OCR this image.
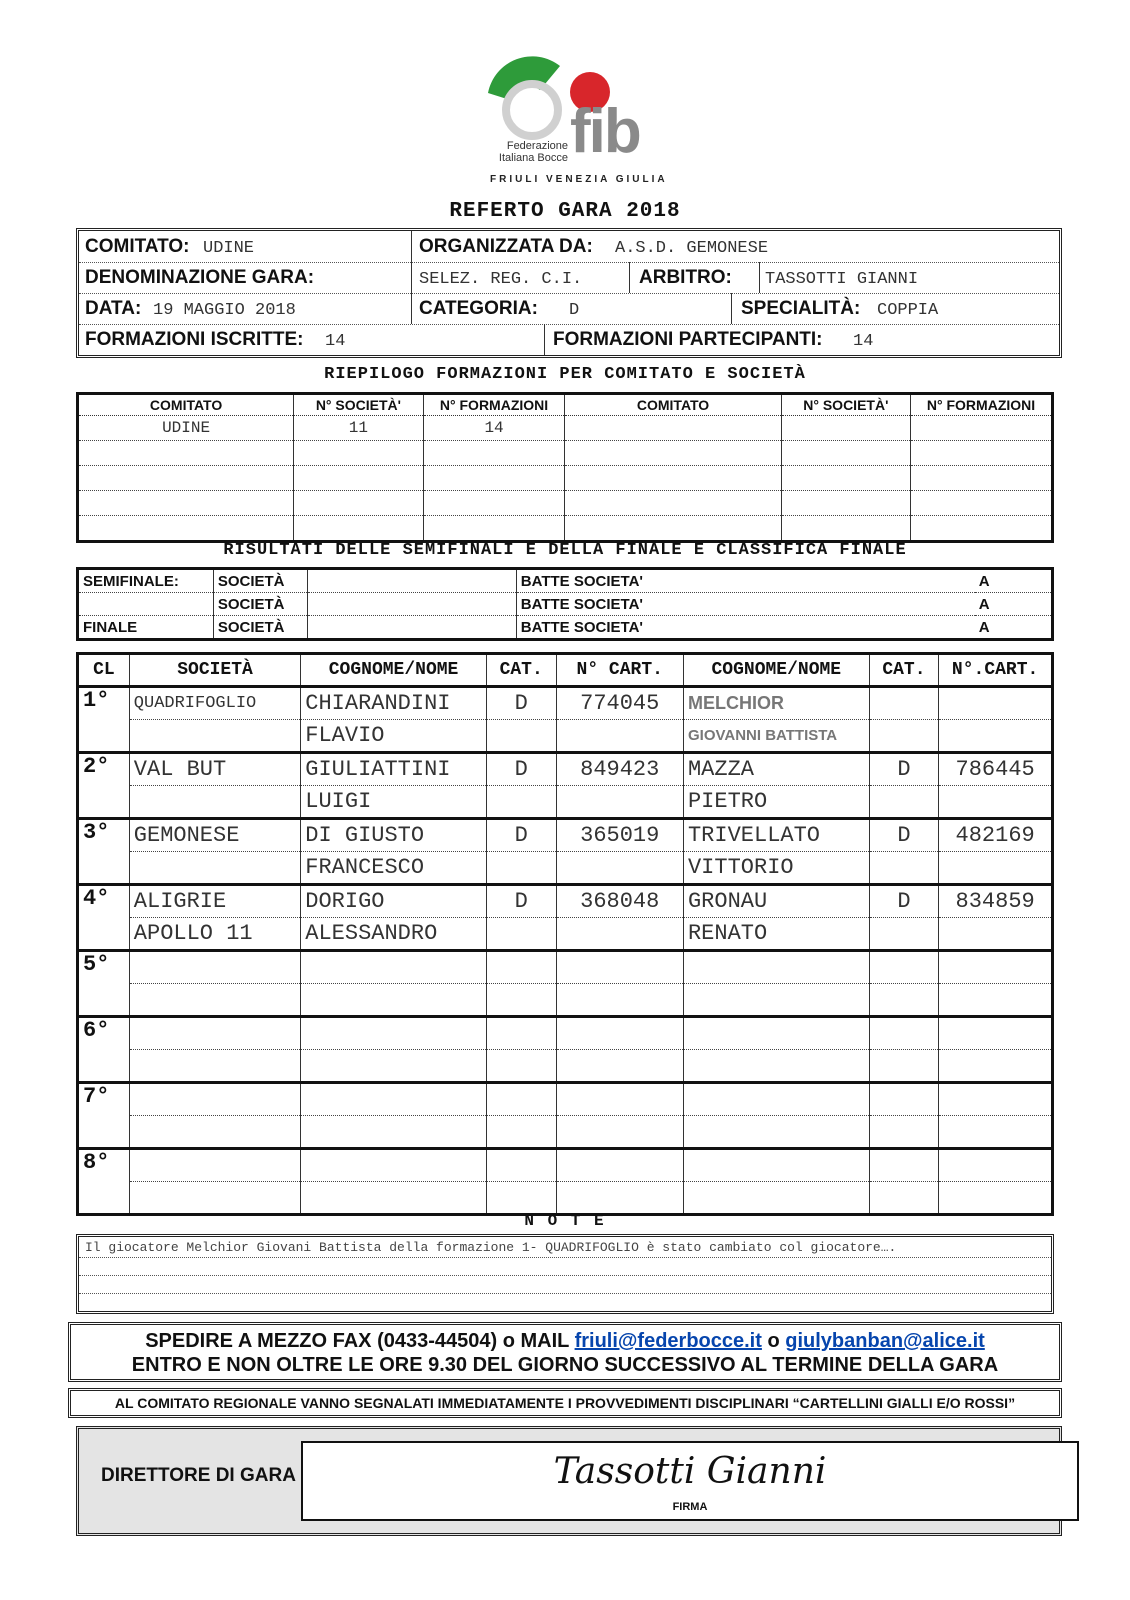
fib
Federazione
Italiana Bocce
FRIULI VENEZIA GIULIA
REFERTO GARA 2018
COMITATO: UDINE	ORGANIZZATA DA: A.S.D. GEMONESE
DENOMINAZIONE GARA:	SELEZ. REG. C.I.	ARBITRO: TASSOTTI GIANNI
DATA: 19 MAGGIO 2018	CATEGORIA: D	SPECIALITÀ: COPPIA
FORMAZIONI ISCRITTE: 14	FORMAZIONI PARTECIPANTI: 14
RIEPILOGO FORMAZIONI PER COMITATO E SOCIETÀ
COMITATO	N° SOCIETÀ'	N° FORMAZIONI	COMITATO	N° SOCIETÀ'	N° FORMAZIONI
UDINE	11	14			

RISULTATI DELLE SEMIFINALI E DELLA FINALE E CLASSIFICA FINALE
SEMIFINALE:	SOCIETÀ		BATTE SOCIETA'	A
	SOCIETÀ		BATTE SOCIETA'	A
FINALE	SOCIETÀ		BATTE SOCIETA'	A
CL	SOCIETÀ	COGNOME/NOME	CAT.	N° CART.	COGNOME/NOME	CAT.	N°.CART.
1°	QUADRIFOGLIO	CHIARANDINI	D	774045	MELCHIOR		
		FLAVIO			GIOVANNI BATTISTA		
2°	VAL BUT	GIULIATTINI	D	849423	MAZZA	D	786445
		LUIGI			PIETRO		
3°	GEMONESE	DI GIUSTO	D	365019	TRIVELLATO	D	482169
		FRANCESCO			VITTORIO		
4°	ALIGRIE	DORIGO	D	368048	GRONAU	D	834859
	APOLLO 11	ALESSANDRO			RENATO		
5°							

6°							

7°							

8°							

N O T E
Il giocatore Melchior Giovani Battista della formazione 1- QUADRIFOGLIO è stato cambiato col giocatore….
SPEDIRE A MEZZO FAX (0433-44504) o MAIL friuli@federbocce.it o giulybanban@alice.it
ENTRO E NON OLTRE LE ORE 9.30 DEL GIORNO SUCCESSIVO AL TERMINE DELLA GARA
AL COMITATO REGIONALE VANNO SEGNALATI IMMEDIATAMENTE I PROVVEDIMENTI DISCIPLINARI “CARTELLINI GIALLI E/O ROSSI”
DIRETTORE DI GARA	Tassotti Gianni
FIRMA
